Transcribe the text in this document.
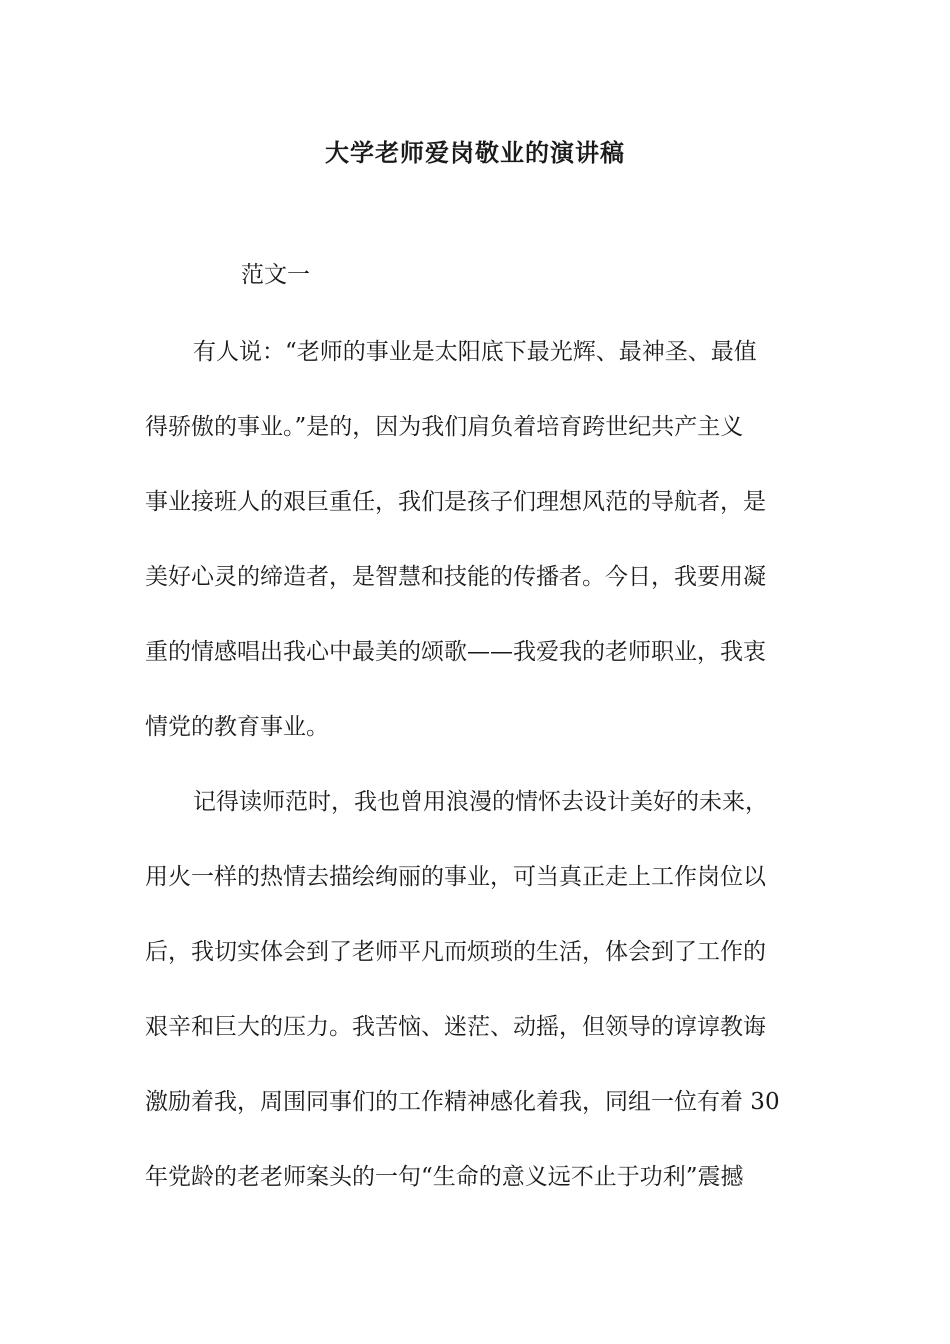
大学老师爱岗敬业的演讲稿

范文一

有人说：“老师的事业是太阳底下最光辉、最神圣、最值
得骄傲的事业。”是的，因为我们肩负着培育跨世纪共产主义
事业接班人的艰巨重任，我们是孩子们理想风范的导航者，是
美好心灵的缔造者，是智慧和技能的传播者。今日，我要用凝
重的情感唱出我心中最美的颂歌——我爱我的老师职业，我衷
情党的教育事业。
记得读师范时，我也曾用浪漫的情怀去设计美好的未来，
用火一样的热情去描绘绚丽的事业，可当真正走上工作岗位以
后，我切实体会到了老师平凡而烦琐的生活，体会到了工作的
艰辛和巨大的压力。我苦恼、迷茫、动摇，但领导的谆谆教诲
激励着我，周围同事们的工作精神感化着我，同组一位有着 30
年党龄的老老师案头的一句“生命的意义远不止于功利”震撼
